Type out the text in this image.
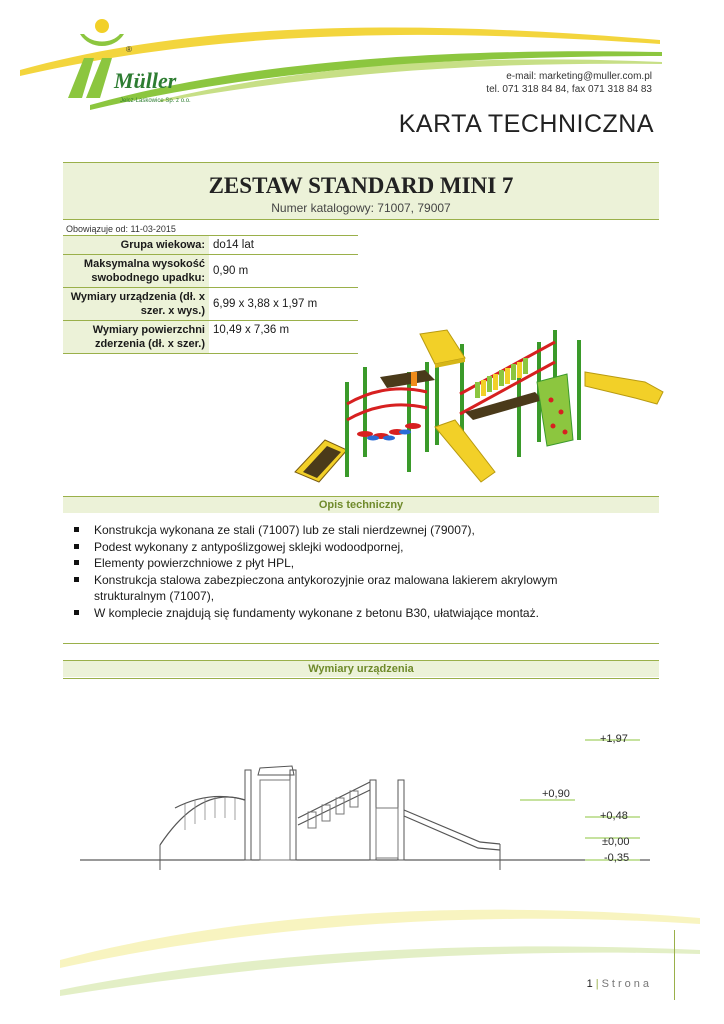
Müller
Jelcz-Laskowice Sp. z o.o.
®
e-mail: marketing@muller.com.pl
tel. 071 318 84 84, fax 071 318 84 83
KARTA TECHNICZNA
ZESTAW STANDARD MINI 7
Numer katalogowy: 71007, 79007
Obowiązuje od: 11-03-2015
Grupa wiekowa:	do14 lat
Maksymalna wysokość swobodnego upadku:	0,90 m
Wymiary urządzenia (dł. x szer. x wys.)	6,99 x 3,88 x 1,97 m
Wymiary powierzchni zderzenia (dł. x szer.)	10,49 x 7,36 m
Opis techniczny
Konstrukcja wykonana ze stali (71007) lub ze stali nierdzewnej (79007),
Podest wykonany z antypoślizgowej sklejki wodoodpornej,
Elementy powierzchniowe z płyt HPL,
Konstrukcja stalowa zabezpieczona antykorozyjnie oraz malowana lakierem akrylowym strukturalnym (71007),
W komplecie znajdują się fundamenty wykonane z betonu B30, ułatwiające montaż.
Wymiary urządzenia
+1,97
+0,90
+0,48
±0,00
-0,35
1 | Strona
